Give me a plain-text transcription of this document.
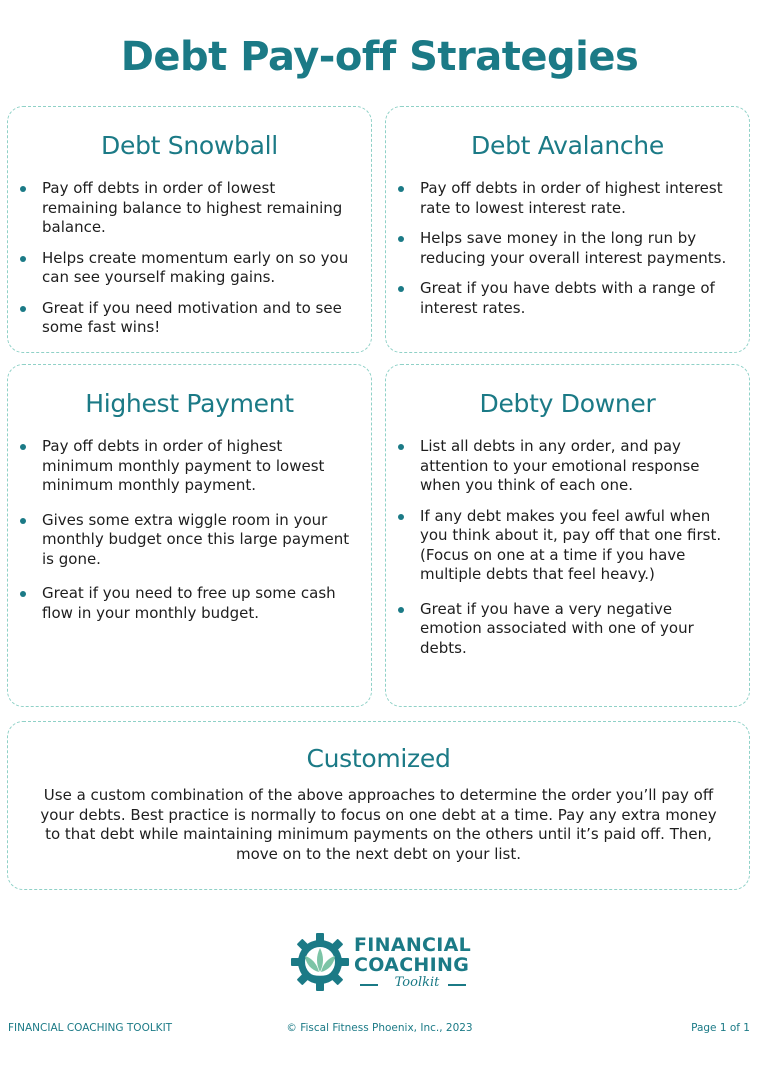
Debt Pay-off Strategies
Debt Snowball
Pay off debts in order of lowest remaining balance to highest remaining balance.
Helps create momentum early on so you can see yourself making gains.
Great if you need motivation and to see some fast wins!
Debt Avalanche
Pay off debts in order of highest interest rate to lowest interest rate.
Helps save money in the long run by reducing your overall interest payments.
Great if you have debts with a range of interest rates.
Highest Payment
Pay off debts in order of highest minimum monthly payment to lowest minimum monthly payment.
Gives some extra wiggle room in your monthly budget once this large payment is gone.
Great if you need to free up some cash flow in your monthly budget.
Debty Downer
List all debts in any order, and pay attention to your emotional response when you think of each one.
If any debt makes you feel awful when you think about it, pay off that one first. (Focus on one at a time if you have multiple debts that feel heavy.)
Great if you have a very negative emotion associated with one of your debts.
Customized
Use a custom combination of the above approaches to determine the order you’ll pay off your debts. Best practice is normally to focus on one debt at a time. Pay any extra money to that debt while maintaining minimum payments on the others until it’s paid off. Then, move on to the next debt on your list.
FINANCIAL
COACHING
Toolkit
FINANCIAL COACHING TOOLKIT	© Fiscal Fitness Phoenix, Inc., 2023	Page 1 of 1
